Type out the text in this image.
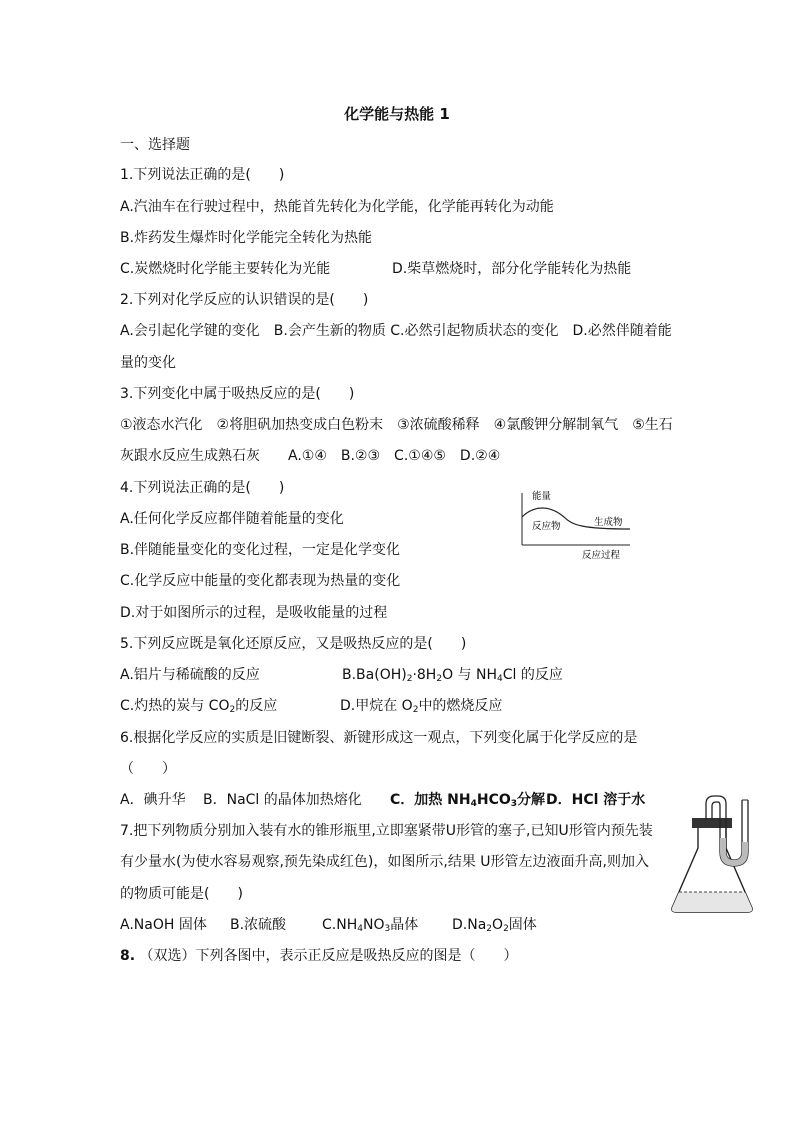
化学能与热能 1
一、选择题
1.下列说法正确的是(　　)
A.汽油车在行驶过程中，热能首先转化为化学能，化学能再转化为动能
B.炸药发生爆炸时化学能完全转化为热能
C.炭燃烧时化学能主要转化为光能	D.柴草燃烧时，部分化学能转化为热能
2.下列对化学反应的认识错误的是(　　)
A.会引起化学键的变化　B.会产生新的物质 C.必然引起物质状态的变化　D.必然伴随着能
量的变化
3.下列变化中属于吸热反应的是(　　)
①液态水汽化　②将胆矾加热变成白色粉末　③浓硫酸稀释　④氯酸钾分解制氧气　⑤生石
灰跟水反应生成熟石灰　　A.①④　B.②③　C.①④⑤　D.②④
4.下列说法正确的是(　　)
A.任何化学反应都伴随着能量的变化
B.伴随能量变化的变化过程，一定是化学变化
C.化学反应中能量的变化都表现为热量的变化
D.对于如图所示的过程，是吸收能量的过程
能量
反应物	生成物
反应过程
5.下列反应既是氧化还原反应，又是吸热反应的是(　　)
A.铝片与稀硫酸的反应	$B.Ba(OH)_2\cdot 8H_2O$ 与 $NH_4Cl$ 的反应
C.灼热的炭与 $CO_2$的反应	D.甲烷在 $O_2$中的燃烧反应
6.根据化学反应的实质是旧键断裂、新键形成这一观点，下列变化属于化学反应的是
（　　）
A．碘升华 B．NaCl 的晶体加热熔化 C．加热 $NH_4HCO_3$分解 D．HCl 溶于水
7.把下列物质分别加入装有水的锥形瓶里,立即塞紧带U形管的塞子,已知U形管内预先装
有少量水(为使水容易观察,预先染成红色)，如图所示,结果 U形管左边液面升高,则加入
的物质可能是(　　)
A.NaOH 固体 B.浓硫酸	$C.NH_4NO_3$晶体 $D.Na_2O_2$固体
8. （双选）下列各图中，表示正反应是吸热反应的图是（　　）
